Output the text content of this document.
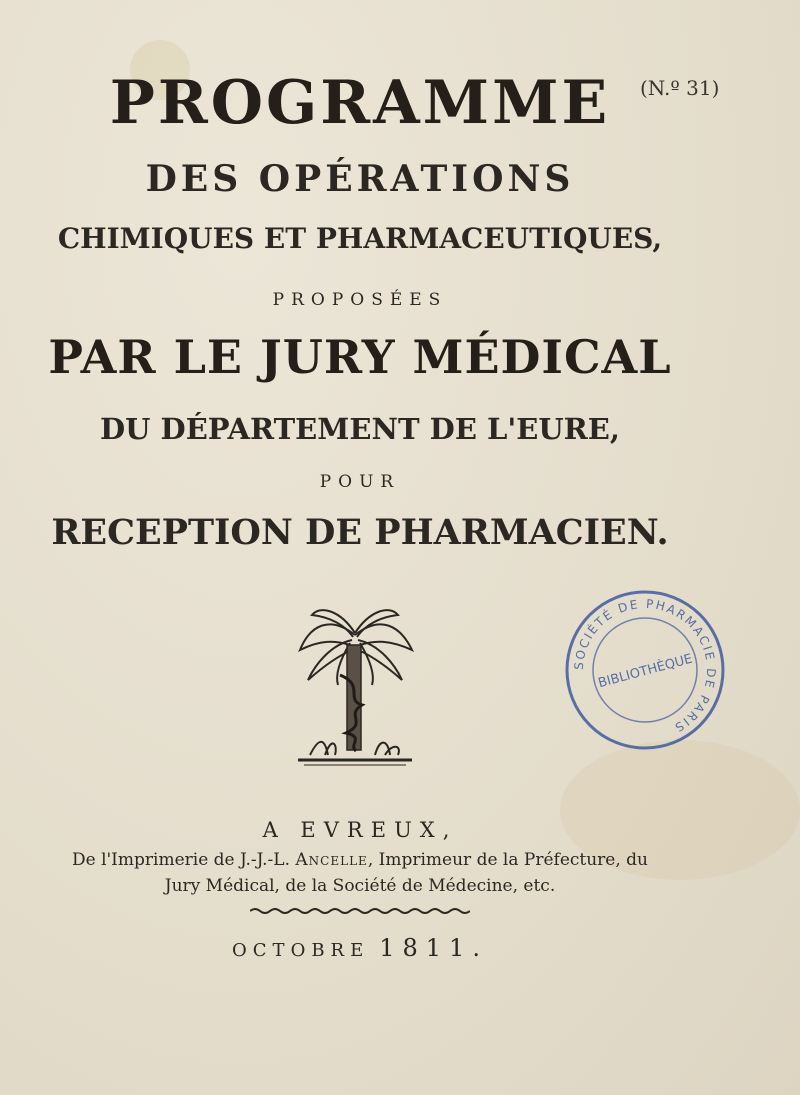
PROGRAMME	(N.º 31)
DES OPÉRATIONS
CHIMIQUES ET PHARMACEUTIQUES,
PROPOSÉES
PAR LE JURY MÉDICAL
DU DÉPARTEMENT DE L'EURE,
POUR
RECEPTION DE PHARMACIEN.
SOCIÉTÉ DE PHARMACIE DE PARIS
BIBLIOTHÈQUE
A EVREUX,
De l'Imprimerie de J.-J.-L. Ancelle, Imprimeur de la Préfecture, du
Jury Médical, de la Société de Médecine, etc.
OCTOBRE 1811.
